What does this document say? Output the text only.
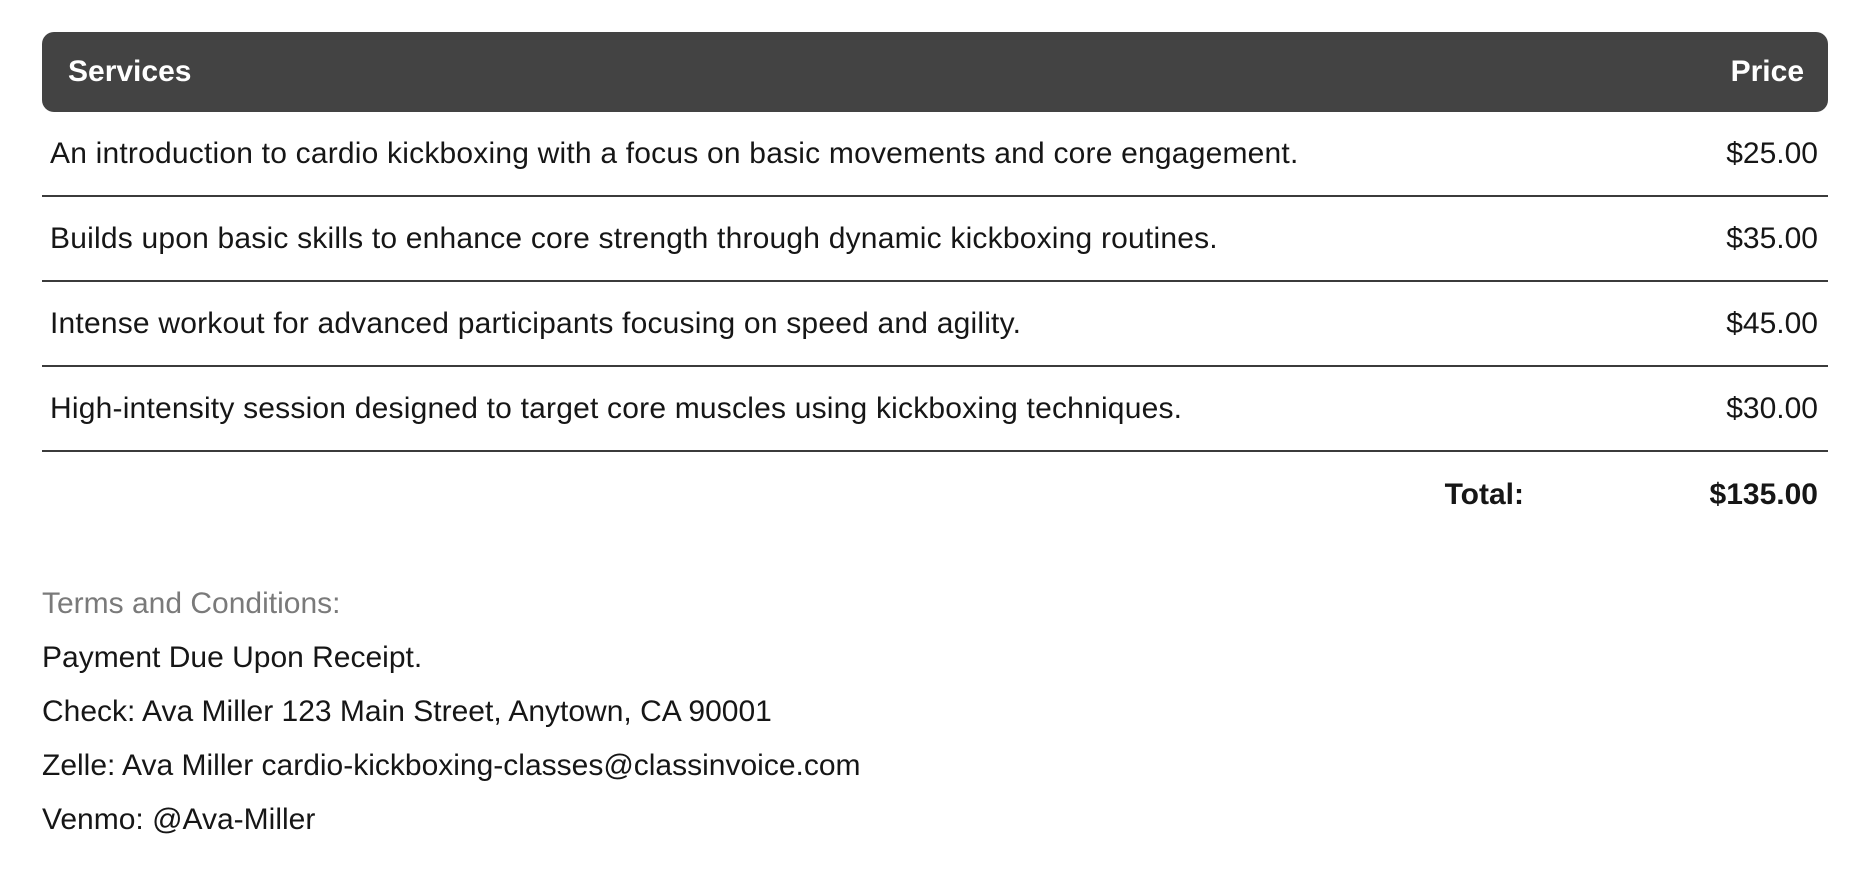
Services	Price
An introduction to cardio kickboxing with a focus on basic movements and core engagement.	$25.00
Builds upon basic skills to enhance core strength through dynamic kickboxing routines.	$35.00
Intense workout for advanced participants focusing on speed and agility.	$45.00
High-intensity session designed to target core muscles using kickboxing techniques.	$30.00
Total:	$135.00

Terms and Conditions:

Payment Due Upon Receipt.

Check: Ava Miller 123 Main Street, Anytown, CA 90001

Zelle: Ava Miller cardio-kickboxing-classes@classinvoice.com

Venmo: @Ava-Miller
